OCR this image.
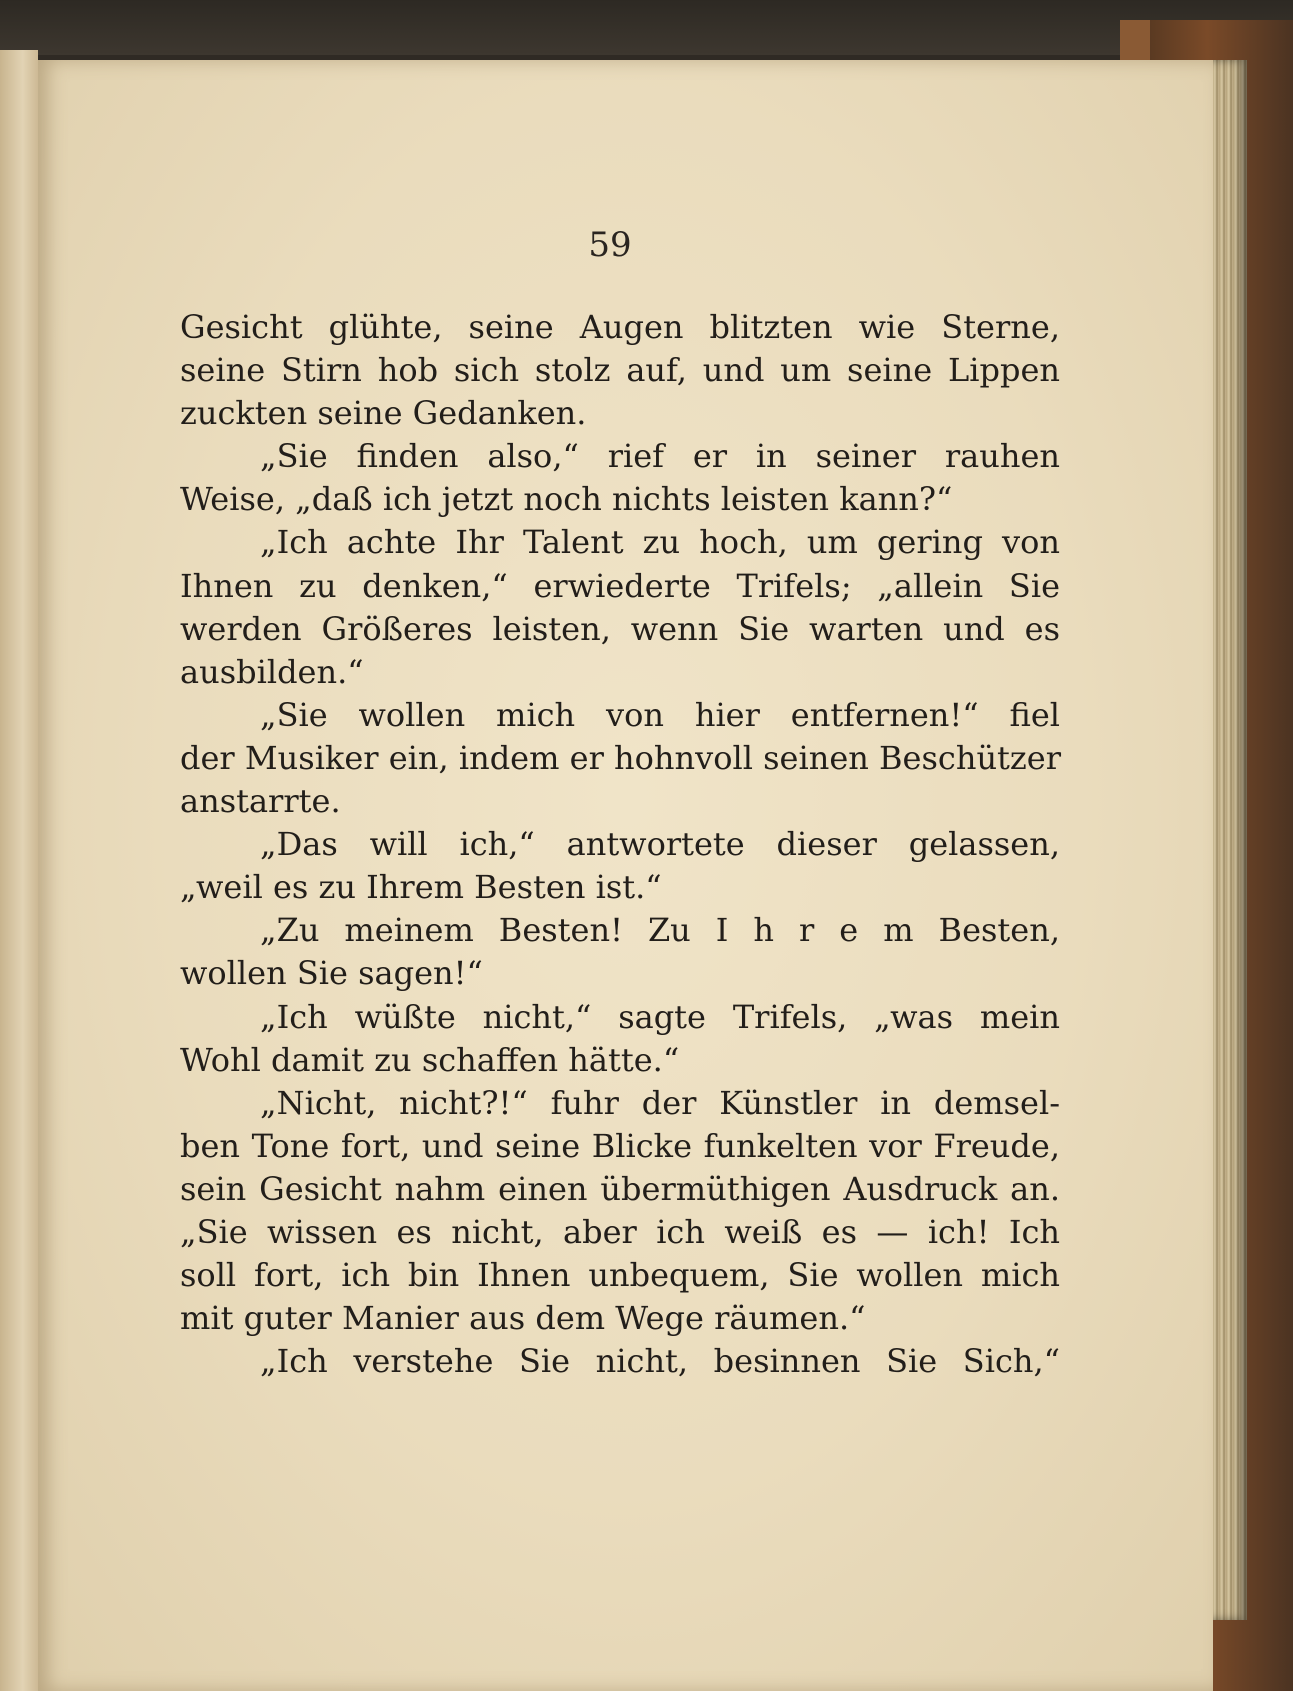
59
Gesicht glühte, seine Augen blitzten wie Sterne,
seine Stirn hob sich stolz auf, und um seine Lippen
zuckten seine Gedanken.
„Sie finden also,“ rief er in seiner rauhen
Weise, „daß ich jetzt noch nichts leisten kann?“
„Ich achte Ihr Talent zu hoch, um gering von
Ihnen zu denken,“ erwiederte Trifels; „allein Sie
werden Größeres leisten, wenn Sie warten und es
ausbilden.“
„Sie wollen mich von hier entfernen!“ fiel
der Musiker ein, indem er hohnvoll seinen Beschützer
anstarrte.
„Das will ich,“ antwortete dieser gelassen,
„weil es zu Ihrem Besten ist.“
„Zu meinem Besten! Zu I h r e m Besten,
wollen Sie sagen!“
„Ich wüßte nicht,“ sagte Trifels, „was mein
Wohl damit zu schaffen hätte.“
„Nicht, nicht?!“ fuhr der Künstler in demsel-
ben Tone fort, und seine Blicke funkelten vor Freude,
sein Gesicht nahm einen übermüthigen Ausdruck an.
„Sie wissen es nicht, aber ich weiß es — ich! Ich
soll fort, ich bin Ihnen unbequem, Sie wollen mich
mit guter Manier aus dem Wege räumen.“
„Ich verstehe Sie nicht, besinnen Sie Sich,“
